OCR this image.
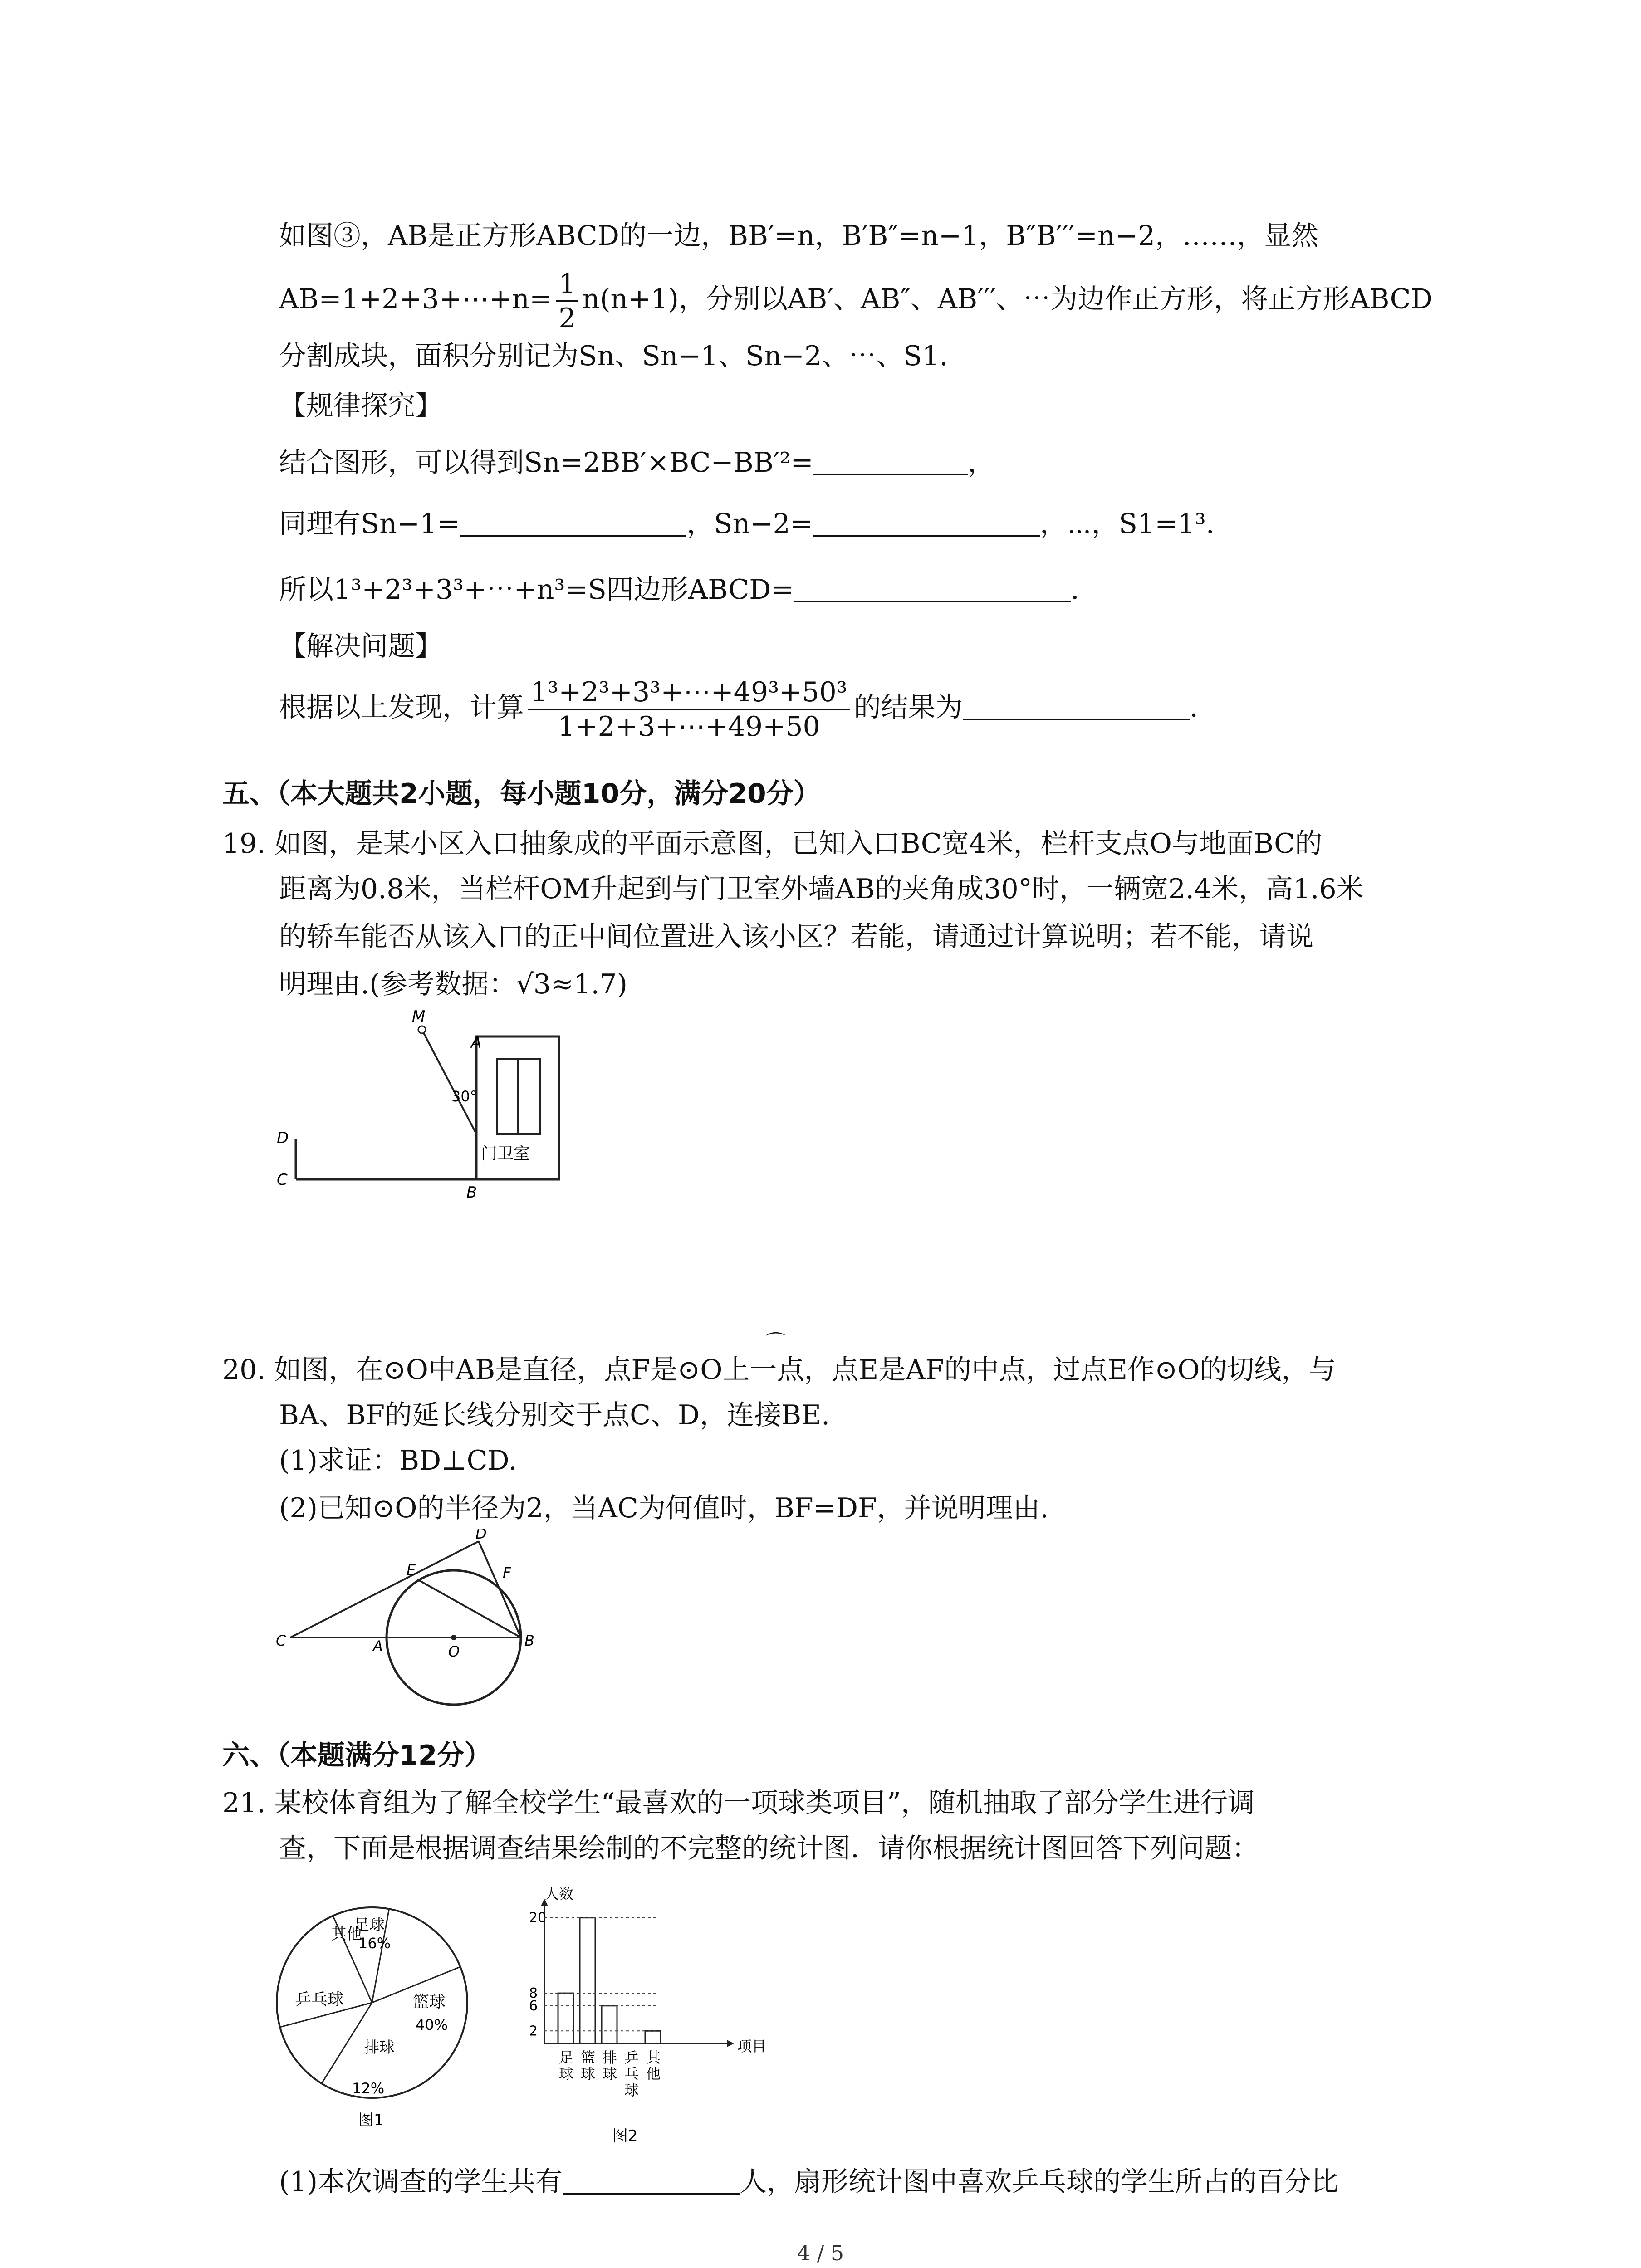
如图③，AB是正方形ABCD的一边，BB′=n，B′B″=n−1，B″B′′′=n−2，……，显然
AB=1+2+3+⋯+n= $\frac{1}{2} n(n+1)$，分别以AB′、AB″、AB′′′、⋯为边作正方形，将正方形ABCD
分割成块，面积分别记为Sn、Sn−1、Sn−2、⋯、S1.
【规律探究】
结合图形，可以得到Sn=2BB′×BC−BB′²=	，
同理有Sn−1=	，Sn−2=	，⋯，S1=1³.
所以1³+2³+3³+⋯+n³=S四边形ABCD=	.
【解决问题】
根据以上发现，计算 $\frac{\text{1³+2³+3³+⋯+49³+50³}}{1+2+3+\cdots+49+50}$ 的结果为	.
五、（本大题共2小题，每小题10分，满分20分）
19. 如图，是某小区入口抽象成的平面示意图，已知入口BC宽4米，栏杆支点O与地面BC的
距离为0.8米，当栏杆OM升起到与门卫室外墙AB的夹角成30°时，一辆宽2.4米，高1.6米
的轿车能否从该入口的正中间位置进入该小区？若能，请通过计算说明；若不能，请说
明理由.(参考数据：√3≈1.7)
M
A
30°
D
C
B
门卫室
⌒
20. 如图，在⊙O中AB是直径，点F是⊙O上一点，点E是AF的中点，过点E作⊙O的切线，与
BA、BF的延长线分别交于点C、D，连接BE.
(1)求证：BD⊥CD.
(2)已知⊙O的半径为2，当AC为何值时，BF=DF，并说明理由.
C	A	O
B
E
D
F
六、（本题满分12分）
21. 某校体育组为了解全校学生“最喜欢的一项球类项目”，随机抽取了部分学生进行调
查，下面是根据调查结果绘制的不完整的统计图．请你根据统计图回答下列问题：
其他
足球
16%
篮球
40%
乒乓球
排球
12%
图1
2
6
8
20
足
球
篮
球
排
球
乒
乓
球
其
他
人数
项目
图2
(1)本次调查的学生共有	人，扇形统计图中喜欢乒乓球的学生所占的百分比
4 / 5
